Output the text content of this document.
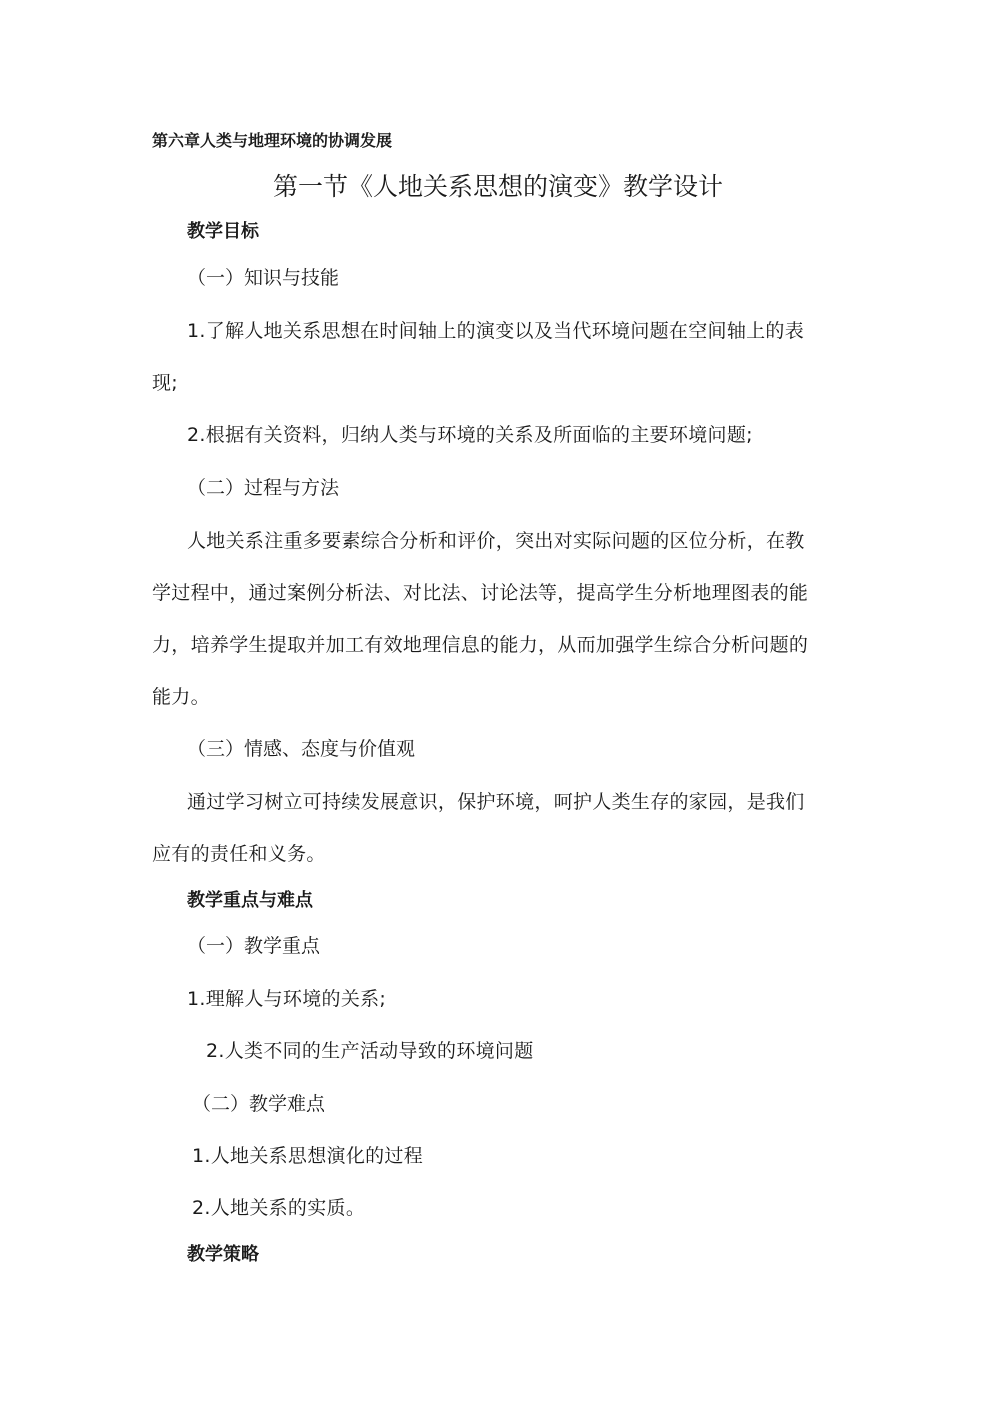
第六章人类与地理环境的协调发展
第一节《人地关系思想的演变》教学设计
教学目标
（一）知识与技能
1.了解人地关系思想在时间轴上的演变以及当代环境问题在空间轴上的表
现;
2.根据有关资料，归纳人类与环境的关系及所面临的主要环境问题;
（二）过程与方法
人地关系注重多要素综合分析和评价，突出对实际问题的区位分析，在教
学过程中，通过案例分析法、对比法、讨论法等，提高学生分析地理图表的能
力，培养学生提取并加工有效地理信息的能力，从而加强学生综合分析问题的
能力。
（三）情感、态度与价值观
通过学习树立可持续发展意识，保护环境，呵护人类生存的家园，是我们
应有的责任和义务。
教学重点与难点
（一）教学重点
1.理解人与环境的关系;
2.人类不同的生产活动导致的环境问题
（二）教学难点
1.人地关系思想演化的过程
2.人地关系的实质。
教学策略
